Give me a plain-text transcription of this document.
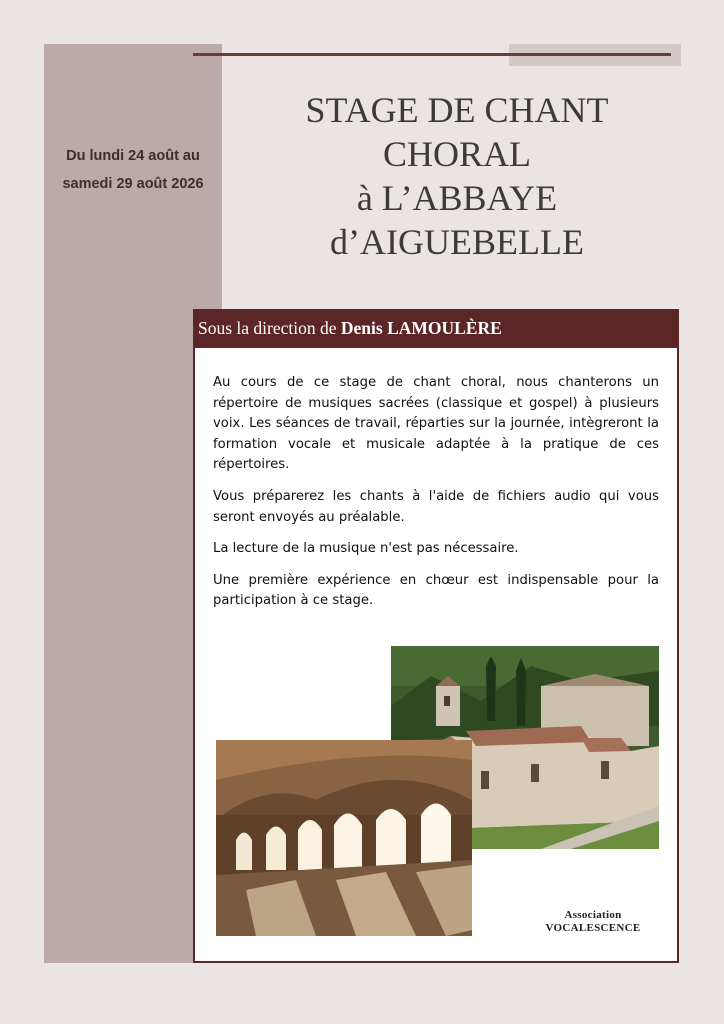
Du lundi 24 août au
samedi 29 août 2026
STAGE DE CHANT
CHORAL
à L’ABBAYE
d’AIGUEBELLE
Sous la direction de Denis LAMOULÈRE

Au cours de ce stage de chant choral, nous chanterons un répertoire de musiques sacrées (classique et gospel) à plusieurs voix. Les séances de travail, réparties sur la journée, intègreront la formation vocale et musicale adaptée à la pratique de ces répertoires.

Vous préparerez les chants à l'aide de fichiers audio qui vous seront envoyés au préalable.

La lecture de la musique n'est pas nécessaire.

Une première expérience en chœur est indispensable pour la participation à ce stage.

Association
VOCALESCENCE
